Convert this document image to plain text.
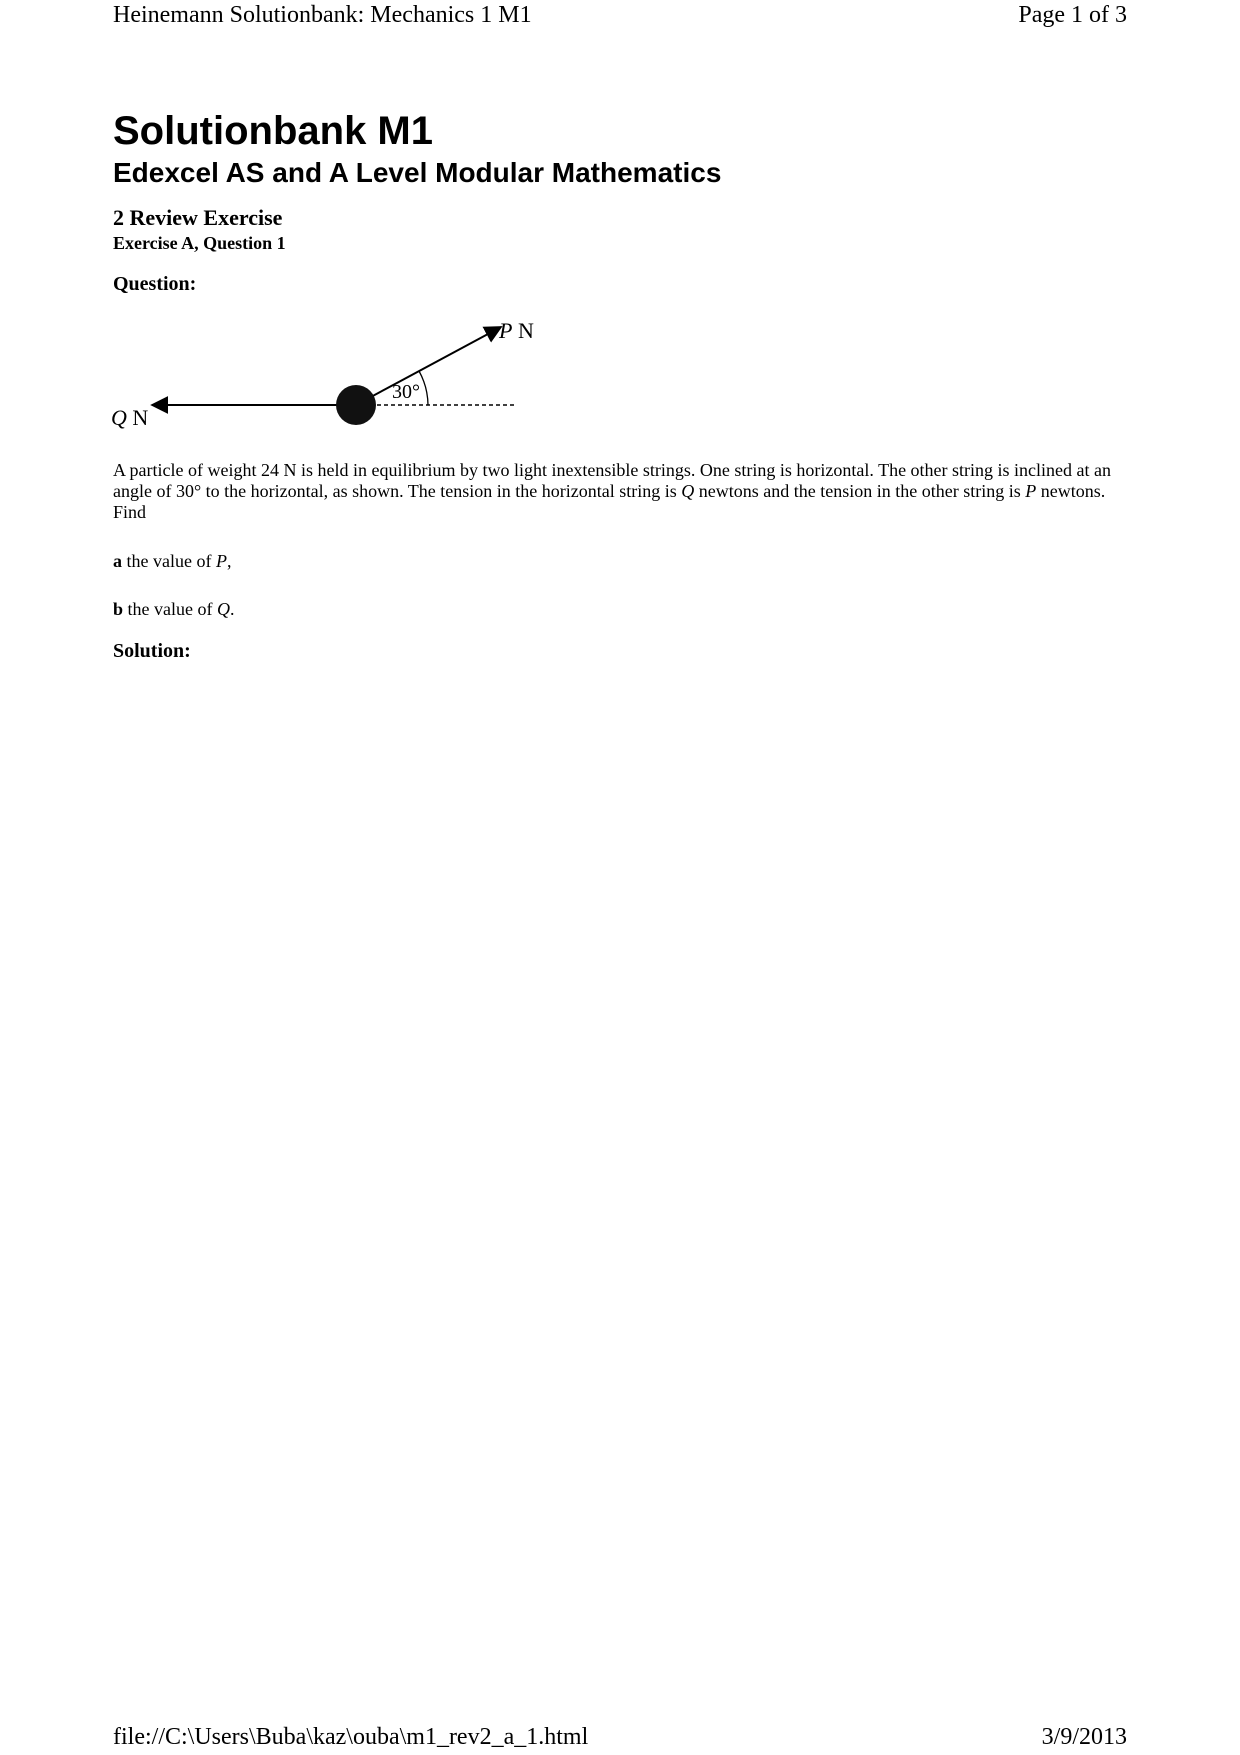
Heinemann Solutionbank: Mechanics 1 M1	Page 1 of 3
Solutionbank M1
Edexcel AS and A Level Modular Mathematics
2 Review Exercise
Exercise A, Question 1
Question:
30°
P N
Q N

A particle of weight 24 N is held in equilibrium by two light inextensible strings. One string is horizontal. The other string is inclined at an angle of 30° to the horizontal, as shown. The tension in the horizontal string is Q newtons and the tension in the other string is P newtons. Find

a the value of P,

b the value of Q.

Solution:
file://C:\Users\Buba\kaz\ouba\m1_rev2_a_1.html	3/9/2013
